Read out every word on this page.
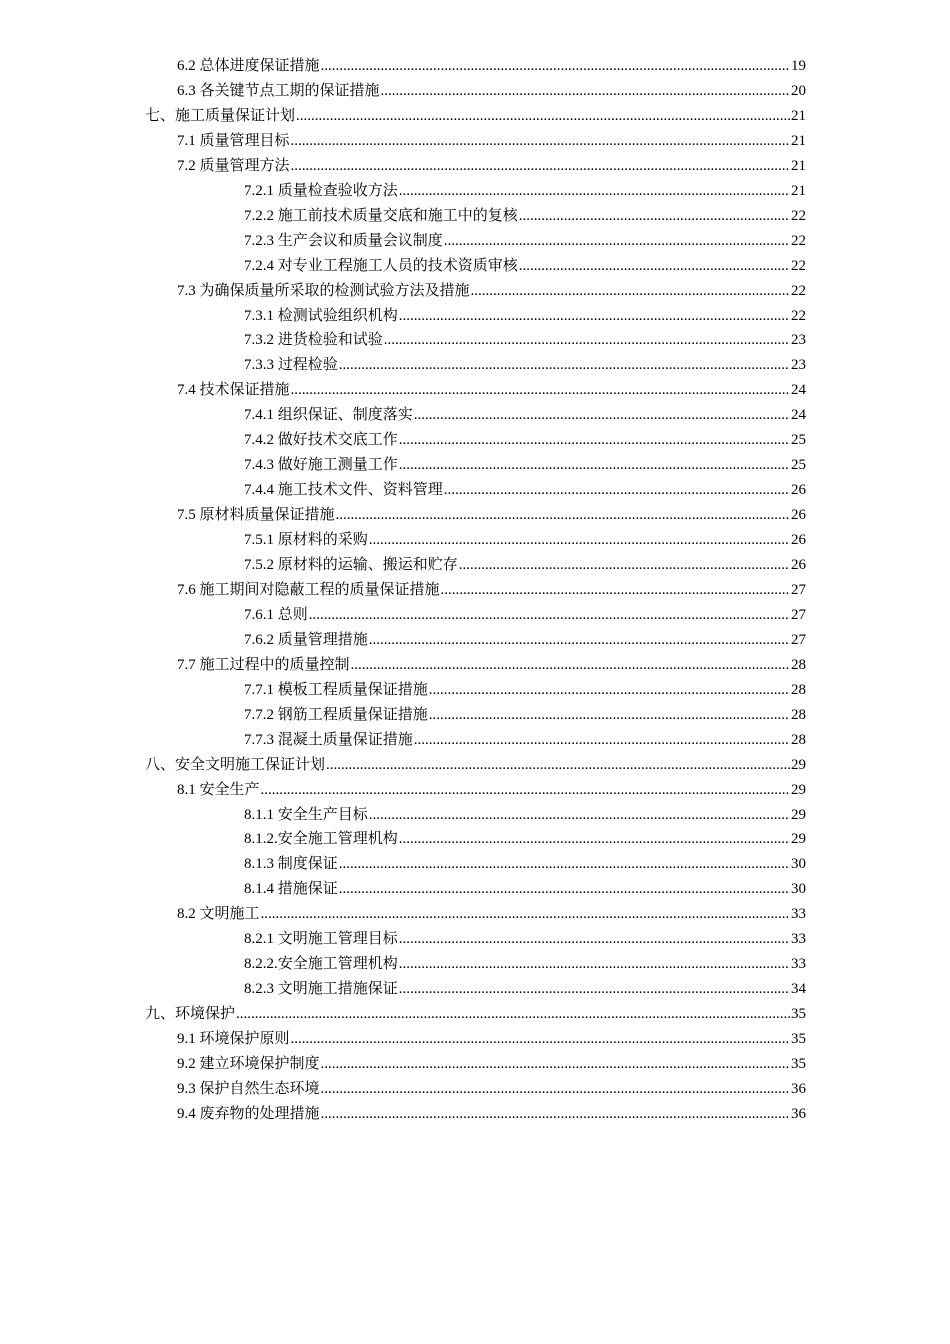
6.2 总体进度保证措施 .....	19
6.3 各关键节点工期的保证措施 .....	20
七、施工质量保证计划 .....	21
7.1 质量管理目标 .....	21
7.2 质量管理方法 .....	21
7.2.1 质量检查验收方法 .....	21
7.2.2 施工前技术质量交底和施工中的复核 .....	22
7.2.3 生产会议和质量会议制度 .....	22
7.2.4 对专业工程施工人员的技术资质审核 .....	22
7.3 为确保质量所采取的检测试验方法及措施 .....	22
7.3.1 检测试验组织机构 .....	22
7.3.2 进货检验和试验 .....	23
7.3.3 过程检验 .....	23
7.4 技术保证措施 .....	24
7.4.1 组织保证、制度落实 .....	24
7.4.2 做好技术交底工作 .....	25
7.4.3 做好施工测量工作 .....	25
7.4.4 施工技术文件、资料管理 .....	26
7.5 原材料质量保证措施 .....	26
7.5.1 原材料的采购 .....	26
7.5.2 原材料的运输、搬运和贮存 .....	26
7.6 施工期间对隐蔽工程的质量保证措施 .....	27
7.6.1 总则 .....	27
7.6.2 质量管理措施 .....	27
7.7 施工过程中的质量控制 .....	28
7.7.1 模板工程质量保证措施 .....	28
7.7.2 钢筋工程质量保证措施 .....	28
7.7.3 混凝土质量保证措施 .....	28
八、安全文明施工保证计划 .....	29
8.1 安全生产 .....	29
8.1.1 安全生产目标 .....	29
8.1.2.安全施工管理机构 .....	29
8.1.3 制度保证 .....	30
8.1.4 措施保证 .....	30
8.2 文明施工 .....	33
8.2.1 文明施工管理目标 .....	33
8.2.2.安全施工管理机构 .....	33
8.2.3 文明施工措施保证 .....	34
九、环境保护 .....	35
9.1 环境保护原则 .....	35
9.2 建立环境保护制度 .....	35
9.3 保护自然生态环境 .....	36
9.4 废弃物的处理措施 .....	36
